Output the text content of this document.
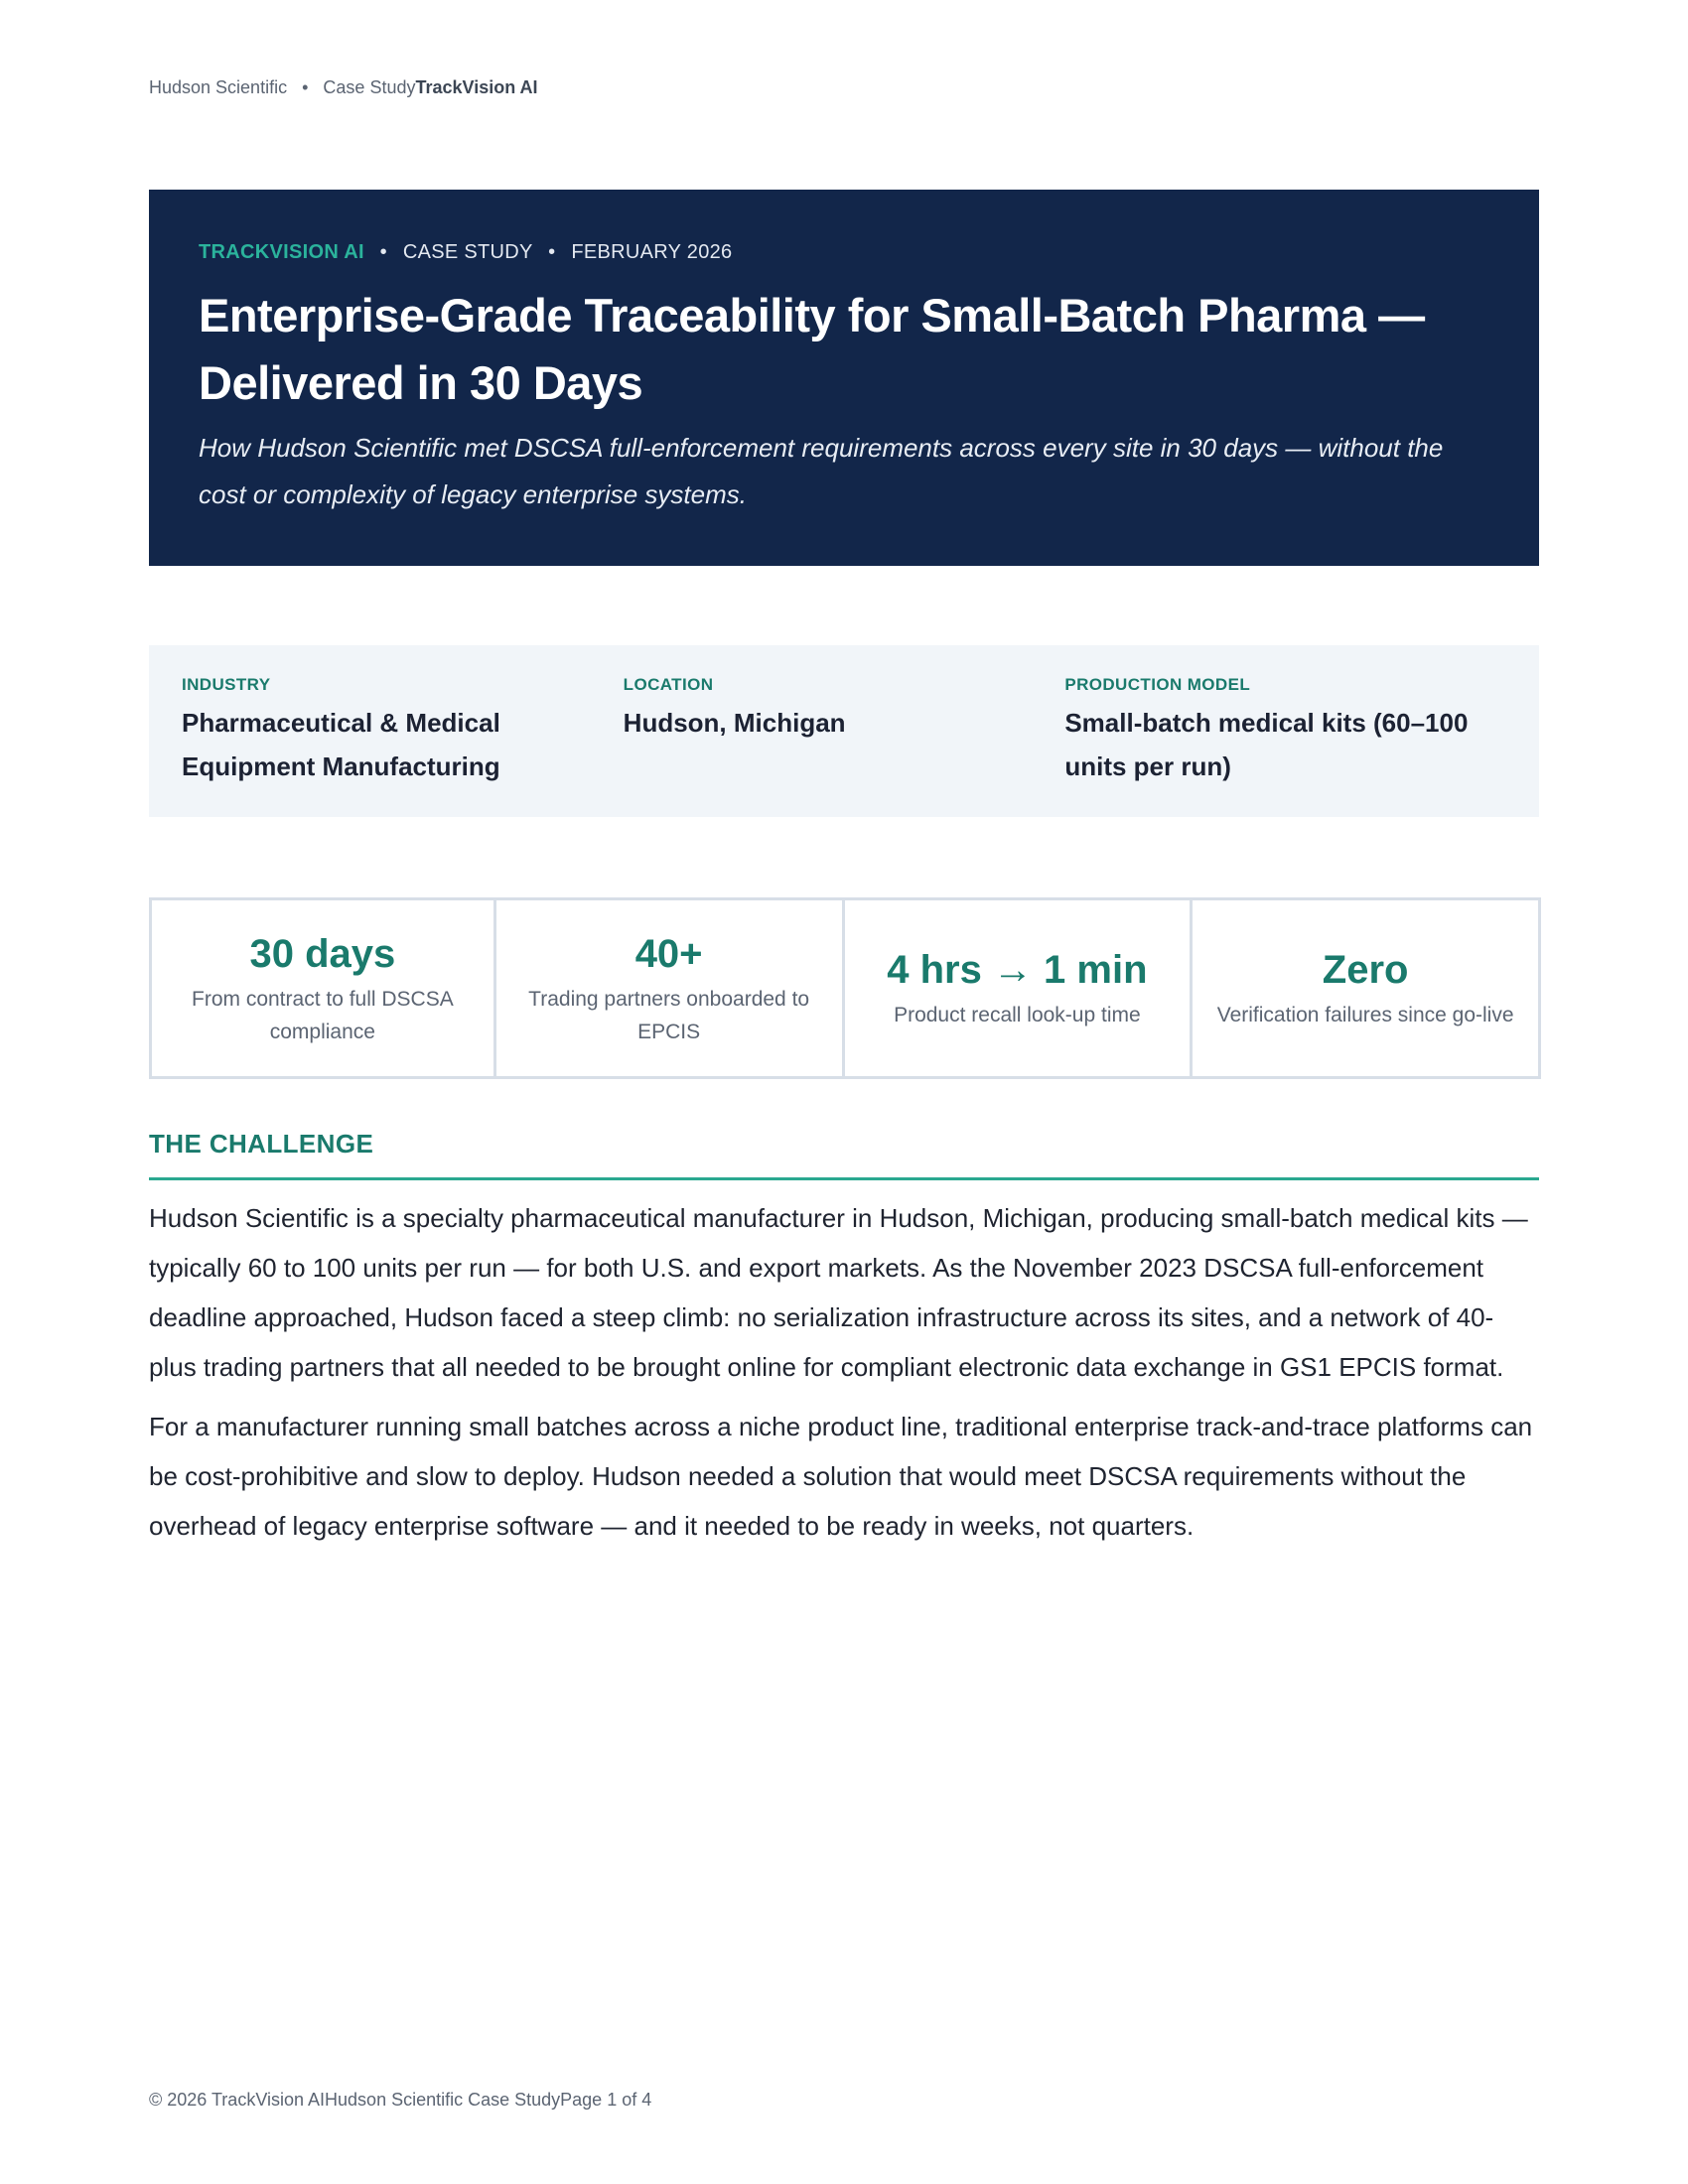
Hudson Scientific • Case StudyTrackVision AI
TRACKVISION AI • CASE STUDY • FEBRUARY 2026
Enterprise-Grade Traceability for Small-Batch Pharma — Delivered in 30 Days
How Hudson Scientific met DSCSA full-enforcement requirements across every site in 30 days — without the cost or complexity of legacy enterprise systems.
INDUSTRY
Pharmaceutical & Medical Equipment Manufacturing
LOCATION
Hudson, Michigan
PRODUCTION MODEL
Small-batch medical kits (60–100 units per run)
30 days
From contract to full DSCSA compliance
40+
Trading partners onboarded to EPCIS
4 hrs → 1 min
Product recall look-up time
Zero
Verification failures since go-live
THE CHALLENGE

Hudson Scientific is a specialty pharmaceutical manufacturer in Hudson, Michigan, producing small-batch medical kits — typically 60 to 100 units per run — for both U.S. and export markets. As the November 2023 DSCSA full-enforcement deadline approached, Hudson faced a steep climb: no serialization infrastructure across its sites, and a network of 40-plus trading partners that all needed to be brought online for compliant electronic data exchange in GS1 EPCIS format.

For a manufacturer running small batches across a niche product line, traditional enterprise track-and-trace platforms can be cost-prohibitive and slow to deploy. Hudson needed a solution that would meet DSCSA requirements without the overhead of legacy enterprise software — and it needed to be ready in weeks, not quarters.

© 2026 TrackVision AIHudson Scientific Case StudyPage 1 of 4
